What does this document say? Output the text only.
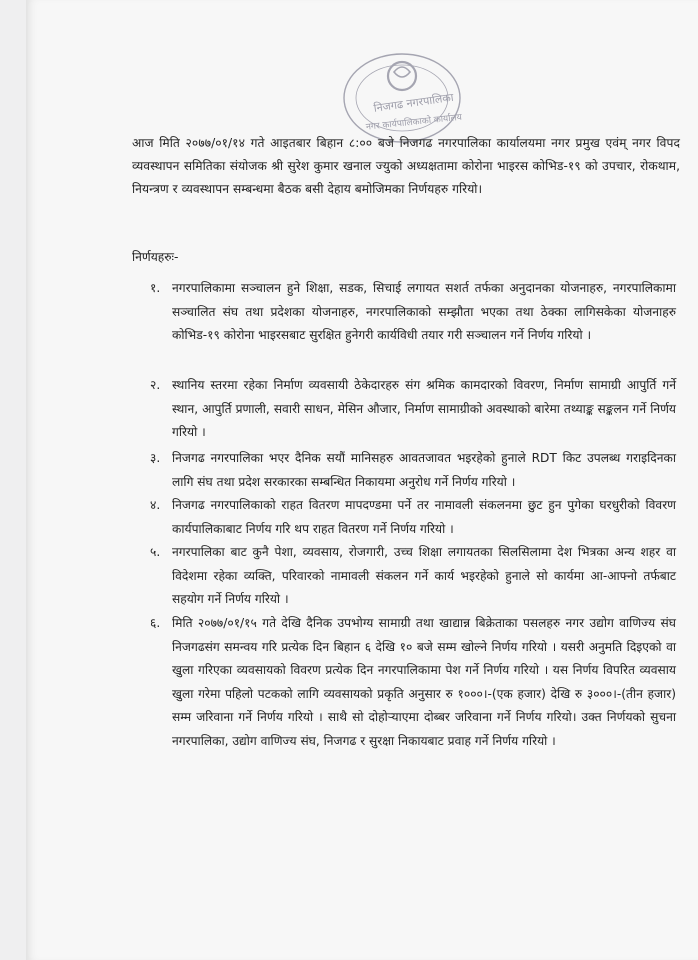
निजगढ नगरपालिका
नगर कार्यपालिकाको कार्यालय
आज मिति २०७७/०१/१४ गते आइतबार बिहान ८:०० बजे निजगढ नगरपालिका कार्यालयमा नगर प्रमुख एवंम् नगर विपद व्यवस्थापन समितिका संयोजक श्री सुरेश कुमार खनाल ज्युको अध्यक्षतामा कोरोना भाइरस कोभिड-१९ को उपचार, रोकथाम, नियन्त्रण र व्यवस्थापन सम्बन्धमा बैठक बसी देहाय बमोजिमका निर्णयहरु गरियो।
निर्णयहरुः-
१. नगरपालिकामा सञ्चालन हुने शिक्षा, सडक, सिचाई लगायत सशर्त तर्फका अनुदानका योजनाहरु, नगरपालिकामा सञ्चालित संघ तथा प्रदेशका योजनाहरु, नगरपालिकाको सम्झौता भएका तथा ठेक्का लागिसकेका योजनाहरु कोभिड-१९ कोरोना भाइरसबाट सुरक्षित हुनेगरी कार्यविधी तयार गरी सञ्चालन गर्ने निर्णय गरियो ।
२. स्थानिय स्तरमा रहेका निर्माण व्यवसायी ठेकेदारहरु संग श्रमिक कामदारको विवरण, निर्माण सामाग्री आपुर्ति गर्ने स्थान, आपुर्ति प्रणाली, सवारी साधन, मेसिन औजार, निर्माण सामाग्रीको अवस्थाको बारेमा तथ्याङ्क सङ्कलन गर्ने निर्णय गरियो ।
३. निजगढ नगरपालिका भएर दैनिक सयौं मानिसहरु आवतजावत भइरहेको हुनाले RDT किट उपलब्ध गराइदिनका लागि संघ तथा प्रदेश सरकारका सम्बन्धित निकायमा अनुरोध गर्ने निर्णय गरियो ।
४. निजगढ नगरपालिकाको राहत वितरण मापदण्डमा पर्ने तर नामावली संकलनमा छुट हुन पुगेका घरधुरीको विवरण कार्यपालिकाबाट निर्णय गरि थप राहत वितरण गर्ने निर्णय गरियो ।
५. नगरपालिका बाट कुनै पेशा, व्यवसाय, रोजगारी, उच्च शिक्षा लगायतका सिलसिलामा देश भित्रका अन्य शहर वा विदेशमा रहेका व्यक्ति, परिवारको नामावली संकलन गर्ने कार्य भइरहेको हुनाले सो कार्यमा आ-आफ्नो तर्फबाट सहयोग गर्ने निर्णय गरियो ।
६. मिति २०७७/०१/१५ गते देखि दैनिक उपभोग्य सामाग्री तथा खाद्यान्न बिक्रेताका पसलहरु नगर उद्योग वाणिज्य संघ निजगढसंग समन्वय गरि प्रत्येक दिन बिहान ६ देखि १० बजे सम्म खोल्ने निर्णय गरियो । यसरी अनुमति दिइएको वा खुला गरिएका व्यवसायको विवरण प्रत्येक दिन नगरपालिकामा पेश गर्ने निर्णय गरियो । यस निर्णय विपरित व्यवसाय खुला गरेमा पहिलो पटकको लागि व्यवसायको प्रकृति अनुसार रु १०००।-(एक हजार) देखि रु ३०००।-(तीन हजार) सम्म जरिवाना गर्ने निर्णय गरियो । साथै सो दोहोऱ्याएमा दोब्बर जरिवाना गर्ने निर्णय गरियो। उक्त निर्णयको सुचना नगरपालिका, उद्योग वाणिज्य संघ, निजगढ र सुरक्षा निकायबाट प्रवाह गर्ने निर्णय गरियो ।
